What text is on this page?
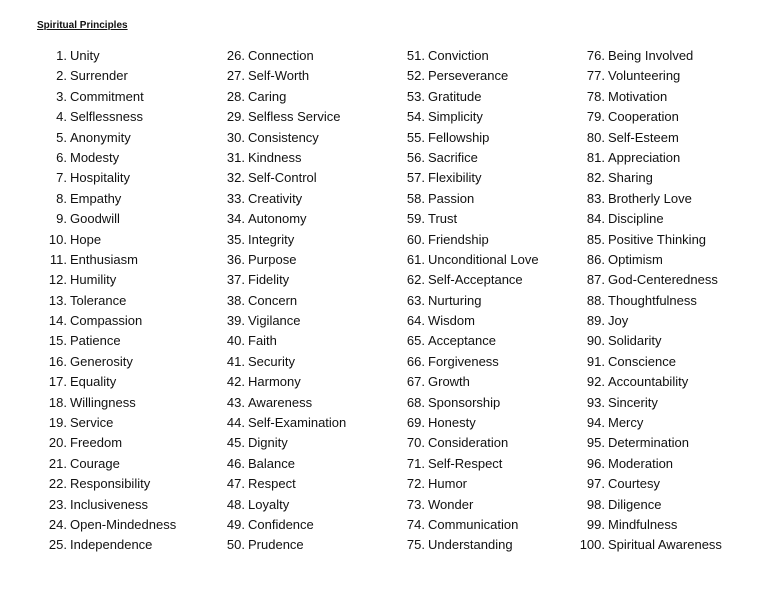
Spiritual Principles
1. Unity
2. Surrender
3. Commitment
4. Selflessness
5. Anonymity
6. Modesty
7. Hospitality
8. Empathy
9. Goodwill
10. Hope
11. Enthusiasm
12. Humility
13. Tolerance
14. Compassion
15. Patience
16. Generosity
17. Equality
18. Willingness
19. Service
20. Freedom
21. Courage
22. Responsibility
23. Inclusiveness
24. Open-Mindedness
25. Independence
26. Connection
27. Self-Worth
28. Caring
29. Selfless Service
30. Consistency
31. Kindness
32. Self-Control
33. Creativity
34. Autonomy
35. Integrity
36. Purpose
37. Fidelity
38. Concern
39. Vigilance
40. Faith
41. Security
42. Harmony
43. Awareness
44. Self-Examination
45. Dignity
46. Balance
47. Respect
48. Loyalty
49. Confidence
50. Prudence
51. Conviction
52. Perseverance
53. Gratitude
54. Simplicity
55. Fellowship
56. Sacrifice
57. Flexibility
58. Passion
59. Trust
60. Friendship
61. Unconditional Love
62. Self-Acceptance
63. Nurturing
64. Wisdom
65. Acceptance
66. Forgiveness
67. Growth
68. Sponsorship
69. Honesty
70. Consideration
71. Self-Respect
72. Humor
73. Wonder
74. Communication
75. Understanding
76. Being Involved
77. Volunteering
78. Motivation
79. Cooperation
80. Self-Esteem
81. Appreciation
82. Sharing
83. Brotherly Love
84. Discipline
85. Positive Thinking
86. Optimism
87. God-Centeredness
88. Thoughtfulness
89. Joy
90. Solidarity
91. Conscience
92. Accountability
93. Sincerity
94. Mercy
95. Determination
96. Moderation
97. Courtesy
98. Diligence
99. Mindfulness
100. Spiritual Awareness
